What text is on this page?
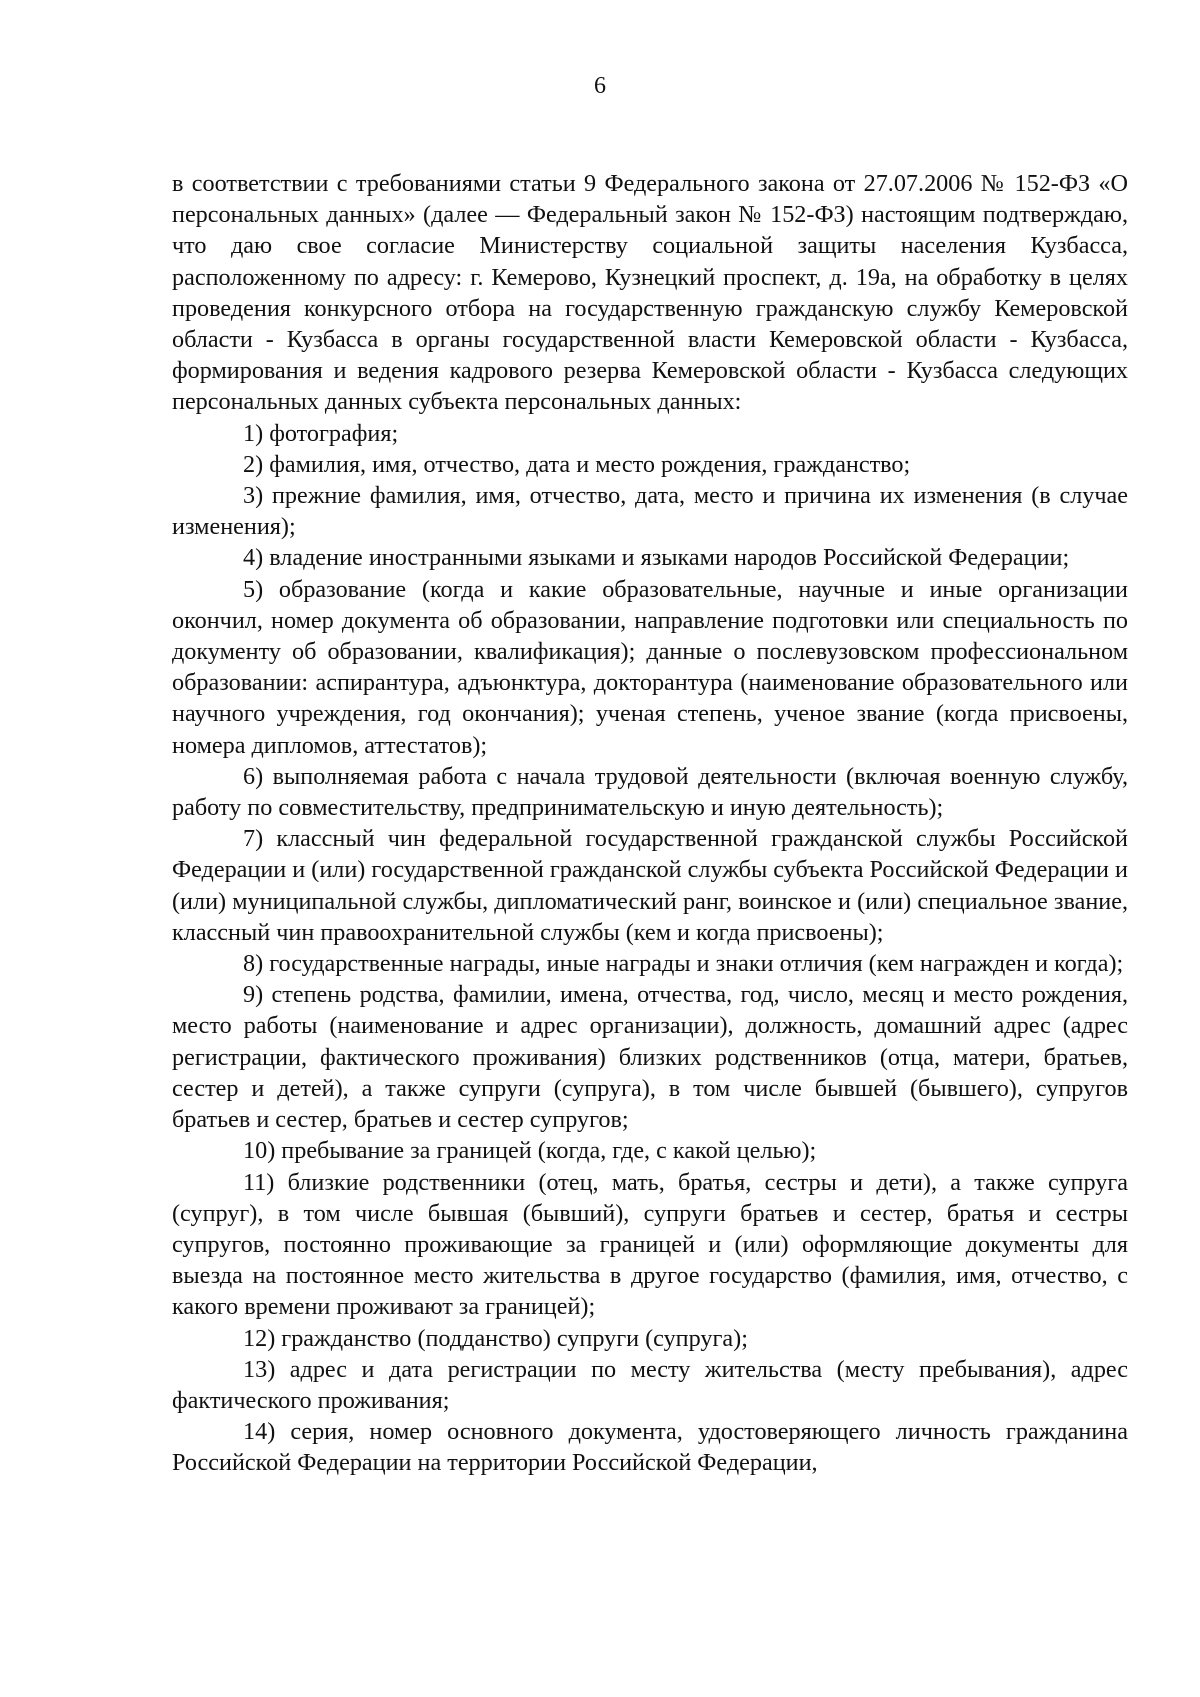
6

в соответствии с требованиями статьи 9 Федерального закона от 27.07.2006 № 152-ФЗ «О персональных данных» (далее — Федеральный закон № 152-ФЗ) настоящим подтверждаю, что даю свое согласие Министерству социальной защиты населения Кузбасса, расположенному по адресу: г. Кемерово, Кузнецкий проспект, д. 19а, на обработку в целях проведения конкурсного отбора на государственную гражданскую службу Кемеровской области - Кузбасса в органы государственной власти Кемеровской области - Кузбасса, формирования и ведения кадрового резерва Кемеровской области - Кузбасса следующих персональных данных субъекта персональных данных:

1) фотография;

2) фамилия, имя, отчество, дата и место рождения, гражданство;

3) прежние фамилия, имя, отчество, дата, место и причина их изменения (в случае изменения);

4) владение иностранными языками и языками народов Российской Федерации;

5) образование (когда и какие образовательные, научные и иные организации окончил, номер документа об образовании, направление подготовки или специальность по документу об образовании, квалификация); данные о послевузовском профессиональном образовании: аспирантура, адъюнктура, докторантура (наименование образовательного или научного учреждения, год окончания); ученая степень, ученое звание (когда присвоены, номера дипломов, аттестатов);

6) выполняемая работа с начала трудовой деятельности (включая военную службу, работу по совместительству, предпринимательскую и иную деятельность);

7) классный чин федеральной государственной гражданской службы Российской Федерации и (или) государственной гражданской службы субъекта Российской Федерации и (или) муниципальной службы, дипломатический ранг, воинское и (или) специальное звание, классный чин правоохранительной службы (кем и когда присвоены);

8) государственные награды, иные награды и знаки отличия (кем награжден и когда);

9) степень родства, фамилии, имена, отчества, год, число, месяц и место рождения, место работы (наименование и адрес организации), должность, домашний адрес (адрес регистрации, фактического проживания) близких родственников (отца, матери, братьев, сестер и детей), а также супруги (супруга), в том числе бывшей (бывшего), супругов братьев и сестер, братьев и сестер супругов;

10) пребывание за границей (когда, где, с какой целью);

11) близкие родственники (отец, мать, братья, сестры и дети), а также супруга (супруг), в том числе бывшая (бывший), супруги братьев и сестер, братья и сестры супругов, постоянно проживающие за границей и (или) оформляющие документы для выезда на постоянное место жительства в другое государство (фамилия, имя, отчество, с какого времени проживают за границей);

12) гражданство (подданство) супруги (супруга);

13) адрес и дата регистрации по месту жительства (месту пребывания), адрес фактического проживания;

14) серия, номер основного документа, удостоверяющего личность гражданина Российской Федерации на территории Российской Федерации,
